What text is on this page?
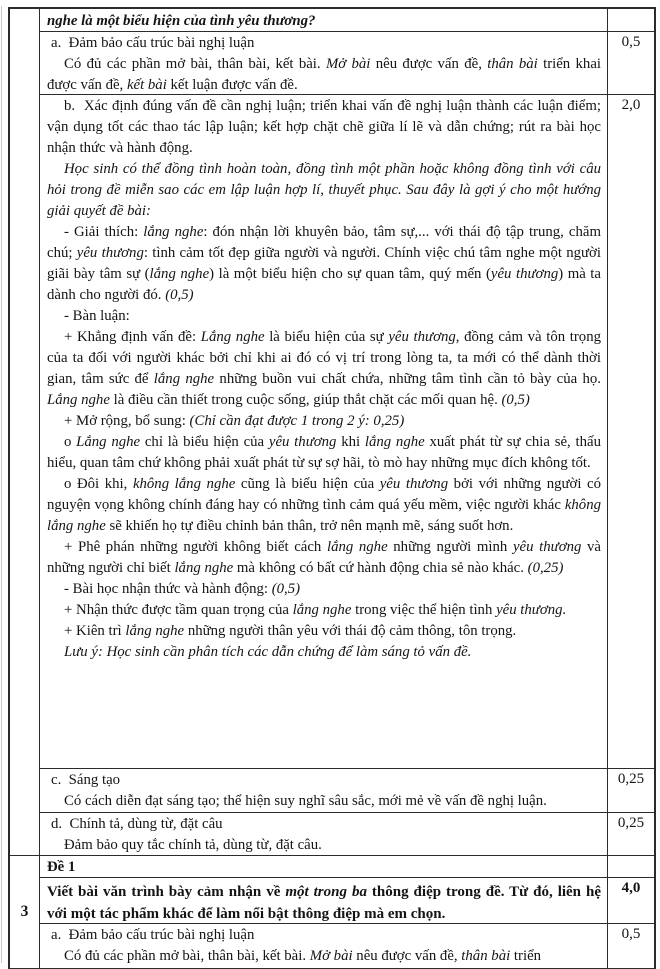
3

nghe là một biểu hiện của tình yêu thương?

a.  Đảm bảo cấu trúc bài nghị luận

Có đủ các phần mở bài, thân bài, kết bài. Mở bài nêu được vấn đề, thân bài triển khai được vấn đề, kết bài kết luận được vấn đề.

0,5

b.  Xác định đúng vấn đề cần nghị luận; triển khai vấn đề nghị luận thành các luận điểm; vận dụng tốt các thao tác lập luận; kết hợp chặt chẽ giữa lí lẽ và dẫn chứng; rút ra bài học nhận thức và hành động.

Học sinh có thể đồng tình hoàn toàn, đồng tình một phần hoặc không đồng tình với câu hỏi trong đề miễn sao các em lập luận hợp lí, thuyết phục. Sau đây là gợi ý cho một hướng giải quyết đề bài:

- Giải thích: lắng nghe: đón nhận lời khuyên bảo, tâm sự,... với thái độ tập trung, chăm chú; yêu thương: tình cảm tốt đẹp giữa người và người. Chính việc chú tâm nghe một người giãi bày tâm sự (lắng nghe) là một biểu hiện cho sự quan tâm, quý mến (yêu thương) mà ta dành cho người đó. (0,5)

- Bàn luận:

+ Khẳng định vấn đề: Lắng nghe là biểu hiện của sự yêu thương, đồng cảm và tôn trọng của ta đối với người khác bởi chỉ khi ai đó có vị trí trong lòng ta, ta mới có thể dành thời gian, tâm sức để lắng nghe những buồn vui chất chứa, những tâm tình cần tỏ bày của họ. Lắng nghe là điều cần thiết trong cuộc sống, giúp thắt chặt các mối quan hệ. (0,5)

+ Mở rộng, bổ sung: (Chỉ cần đạt được 1 trong 2 ý: 0,25)

o Lắng nghe chỉ là biểu hiện của yêu thương khi lắng nghe xuất phát từ sự chia sẻ, thấu hiểu, quan tâm chứ không phải xuất phát từ sự sợ hãi, tò mò hay những mục đích không tốt.

o Đôi khi, không lắng nghe cũng là biểu hiện của yêu thương bởi với những người có nguyện vọng không chính đáng hay có những tình cảm quá yếu mềm, việc người khác không lắng nghe sẽ khiến họ tự điều chỉnh bản thân, trở nên mạnh mẽ, sáng suốt hơn.

+ Phê phán những người không biết cách lắng nghe những người mình yêu thương và những người chỉ biết lắng nghe mà không có bất cứ hành động chia sẻ nào khác. (0,25)

- Bài học nhận thức và hành động: (0,5)

+ Nhận thức được tầm quan trọng của lắng nghe trong việc thể hiện tình yêu thương.

+ Kiên trì lắng nghe những người thân yêu với thái độ cảm thông, tôn trọng.

Lưu ý: Học sinh cần phân tích các dẫn chứng để làm sáng tỏ vấn đề.

2,0

c.  Sáng tạo

Có cách diễn đạt sáng tạo; thể hiện suy nghĩ sâu sắc, mới mẻ về vấn đề nghị luận.

0,25

d.  Chính tả, dùng từ, đặt câu

Đảm bảo quy tắc chính tả, dùng từ, đặt câu.

0,25
Đề 1

Viết bài văn trình bày cảm nhận về một trong ba thông điệp trong đề. Từ đó, liên hệ với một tác phẩm khác để làm nổi bật thông điệp mà em chọn.

4,0

a.  Đảm bảo cấu trúc bài nghị luận

Có đủ các phần mở bài, thân bài, kết bài. Mở bài nêu được vấn đề, thân bài triển

0,5
